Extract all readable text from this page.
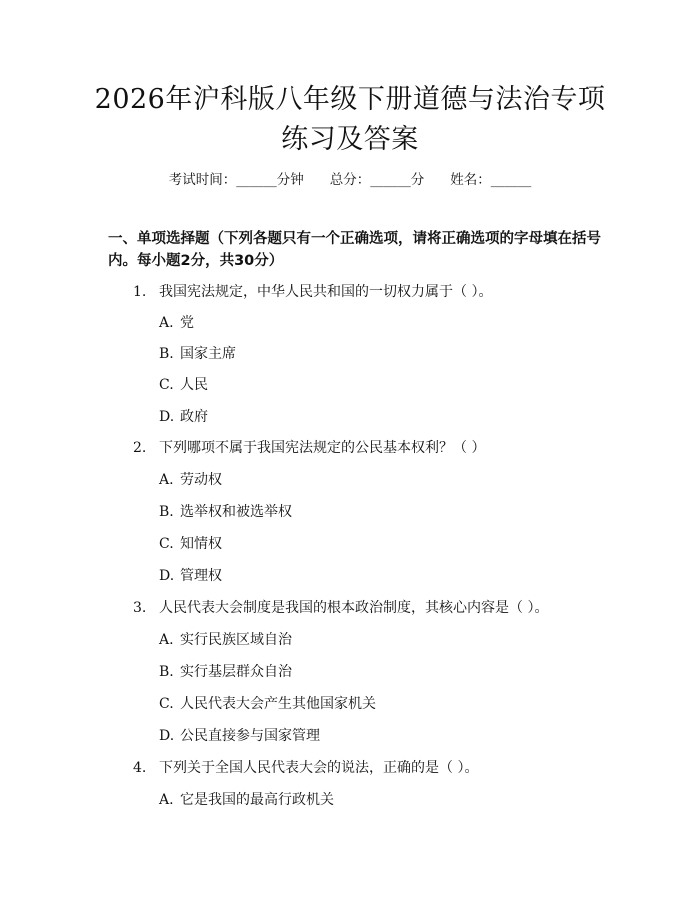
2026年沪科版八年级下册道德与法治专项练习及答案
考试时间：______分钟 总分：______分 姓名：______
一、单项选择题（下列各题只有一个正确选项，请将正确选项的字母填在括号内。每小题2分，共30分）
1. 我国宪法规定，中华人民共和国的一切权力属于（ ）。
A. 党
B. 国家主席
C. 人民
D. 政府
2. 下列哪项不属于我国宪法规定的公民基本权利？（ ）
A. 劳动权
B. 选举权和被选举权
C. 知情权
D. 管理权
3. 人民代表大会制度是我国的根本政治制度，其核心内容是（ ）。
A. 实行民族区域自治
B. 实行基层群众自治
C. 人民代表大会产生其他国家机关
D. 公民直接参与国家管理
4. 下列关于全国人民代表大会的说法，正确的是（ ）。
A. 它是我国的最高行政机关
